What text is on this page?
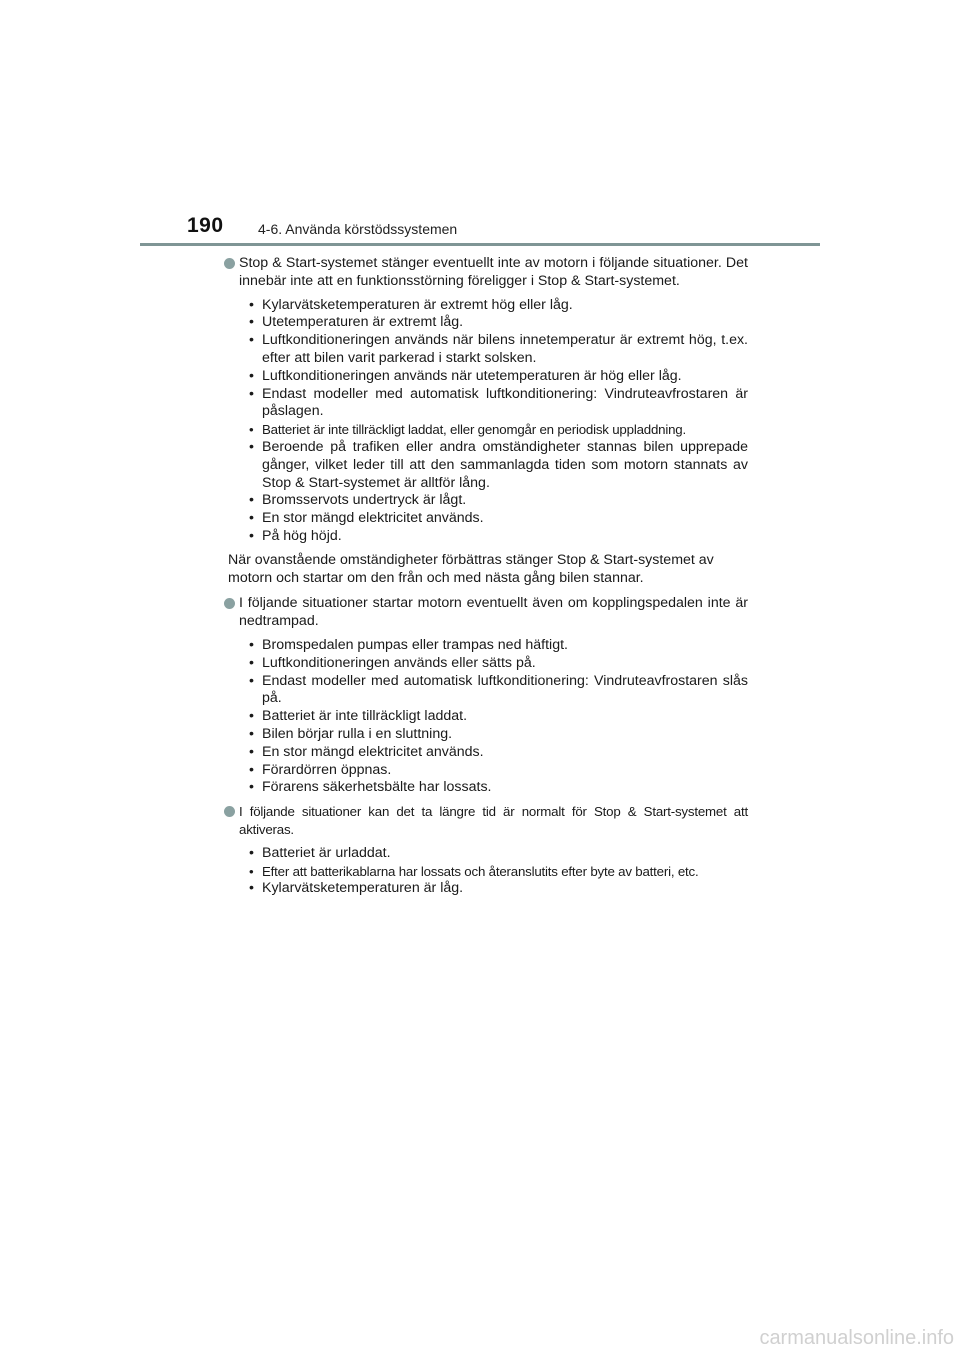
190 4-6. Använda körstödssystemen
Stop & Start-systemet stänger eventuellt inte av motorn i följande situationer. Det innebär inte att en funktionsstörning föreligger i Stop & Start-systemet.
• Kylarvätsketemperaturen är extremt hög eller låg.
• Utetemperaturen är extremt låg.
• Luftkonditioneringen används när bilens innetemperatur är extremt hög, t.ex. efter att bilen varit parkerad i starkt solsken.
• Luftkonditioneringen används när utetemperaturen är hög eller låg.
• Endast modeller med automatisk luftkonditionering: Vindruteavfrostaren är påslagen.
• Batteriet är inte tillräckligt laddat, eller genomgår en periodisk uppladdning.
• Beroende på trafiken eller andra omständigheter stannas bilen upprepade gånger, vilket leder till att den sammanlagda tiden som motorn stannats av Stop & Start-systemet är alltför lång.
• Bromsservots undertryck är lågt.
• En stor mängd elektricitet används.
• På hög höjd.
När ovanstående omständigheter förbättras stänger Stop & Start-systemet av motorn och startar om den från och med nästa gång bilen stannar.
I följande situationer startar motorn eventuellt även om kopplingspedalen inte är nedtrampad.
• Bromspedalen pumpas eller trampas ned häftigt.
• Luftkonditioneringen används eller sätts på.
• Endast modeller med automatisk luftkonditionering: Vindruteavfrostaren slås på.
• Batteriet är inte tillräckligt laddat.
• Bilen börjar rulla i en sluttning.
• En stor mängd elektricitet används.
• Förardörren öppnas.
• Förarens säkerhetsbälte har lossats.
I följande situationer kan det ta längre tid är normalt för Stop & Start-systemet att aktiveras.
• Batteriet är urladdat.
• Efter att batterikablarna har lossats och återanslutits efter byte av batteri, etc.
• Kylarvätsketemperaturen är låg.
carmanualsonline.info
